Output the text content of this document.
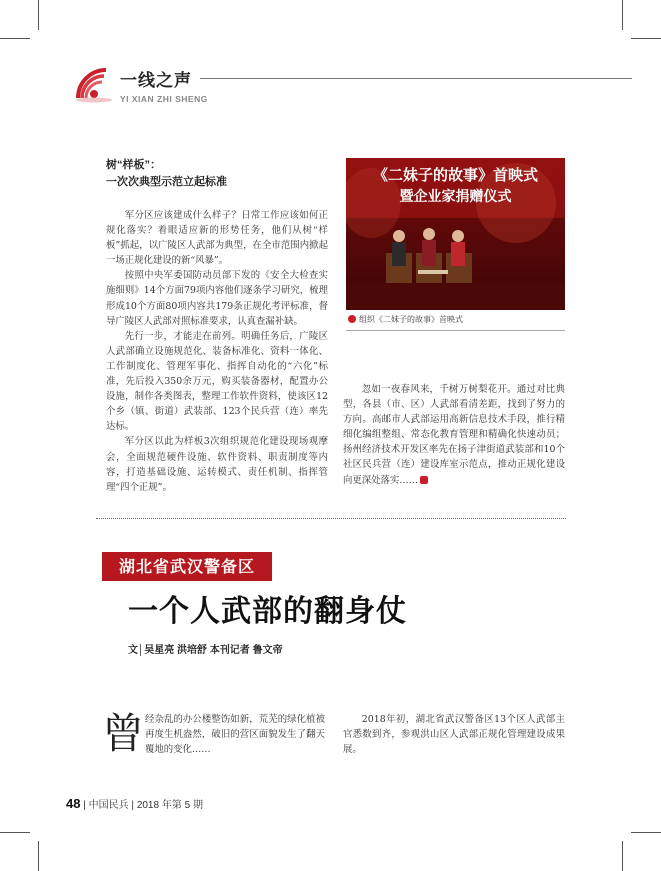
一线之声
YI XIAN ZHI SHENG
树“样板”：
一次次典型示范立起标准

军分区应该建成什么样子？日常工作应该如何正规化落实？着眼适应新的形势任务，他们从树“样板”抓起，以广陵区人武部为典型，在全市范围内掀起一场正规化建设的新“风暴”。

按照中央军委国防动员部下发的《安全大检查实施细则》14个方面79项内容他们逐条学习研究，梳理形成10个方面80项内容共179条正规化考评标准，督导广陵区人武部对照标准要求，认真查漏补缺。

先行一步，才能走在前列。明确任务后，广陵区人武部确立设施规范化、装备标准化、资料一体化、工作制度化、管理军事化、指挥自动化的“六化”标准，先后投入350余万元，购买装备器材，配置办公设施，制作各类图表，整理工作软件资料，使该区12个乡（镇、街道）武装部、123个民兵营（连）率先达标。

军分区以此为样板3次组织规范化建设现场观摩会，全面规范硬件设施、软件资料、职责制度等内容，打造基础设施、运转模式、责任机制、指挥管理“四个正规”。

《二妹子的故事》首映式
暨企业家捐赠仪式
组织《二妹子的故事》首映式

忽如一夜春风来，千树万树梨花开。通过对比典型，各县（市、区）人武部看清差距，找到了努力的方向。高邮市人武部运用高新信息技术手段，推行精细化编组整组、常态化教育管理和精确化快速动员；扬州经济技术开发区率先在扬子津街道武装部和10个社区民兵营（连）建设库室示范点，推动正规化建设向更深处落实……

湖北省武汉警备区
一个人武部的翻身仗
文│吴星亮 洪培舒 本刊记者 鲁文帝
曾 经杂乱的办公楼整饬如新，荒芜的绿化植被再度生机盎然，破旧的营区面貌发生了翻天覆地的变化……

2018年初，湖北省武汉警备区13个区人武部主官悉数到齐，参观洪山区人武部正规化管理建设成果展。

48 | 中国民兵 | 2018 年第 5 期
